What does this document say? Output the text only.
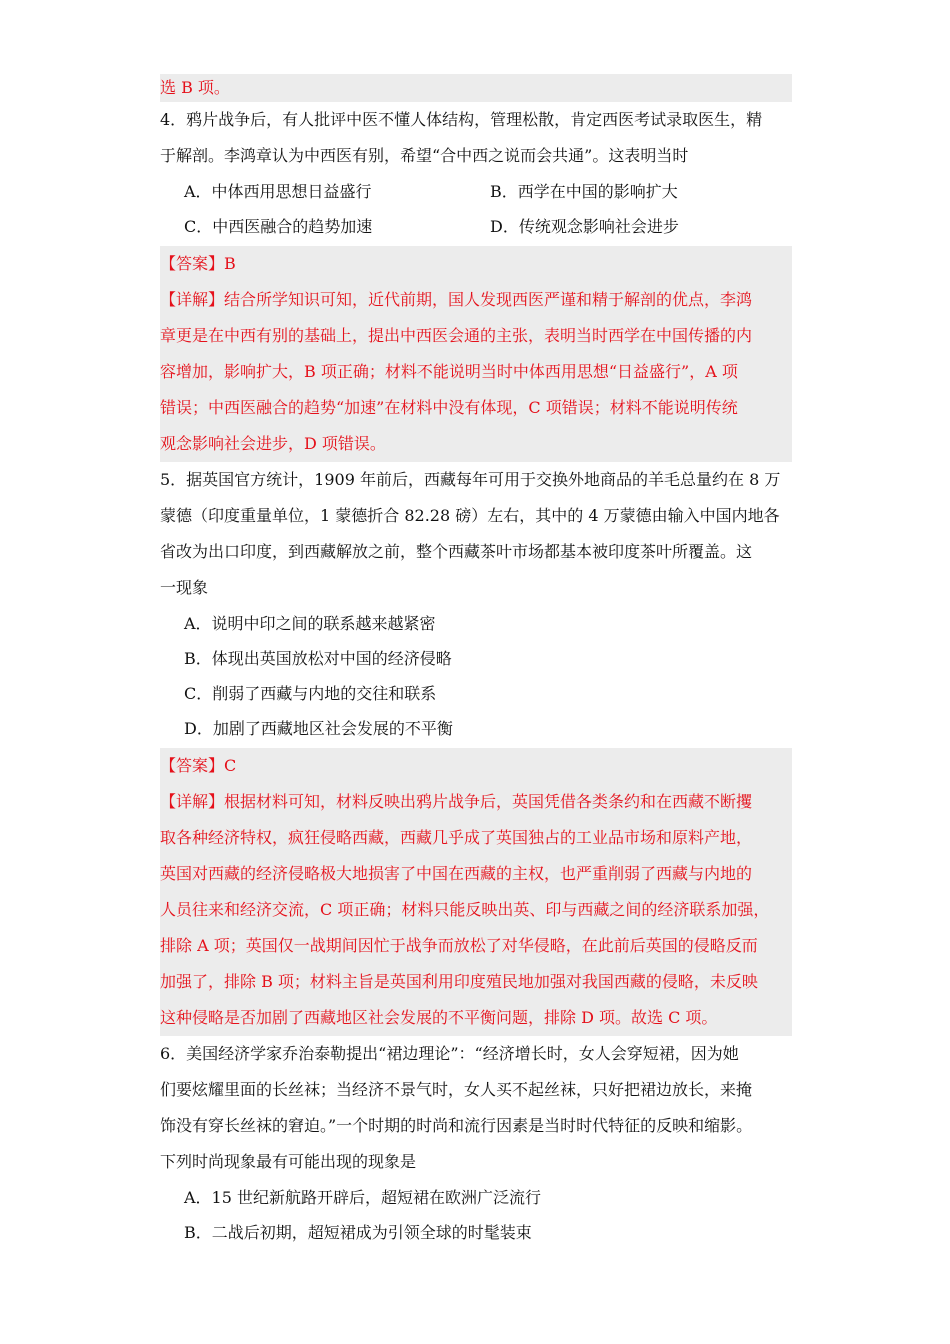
选 B 项。
4．鸦片战争后，有人批评中医不懂人体结构，管理松散，肯定西医考试录取医生，精
于解剖。李鸿章认为中西医有别，希望“合中西之说而会共通”。这表明当时
A．中体西用思想日益盛行	B．西学在中国的影响扩大
C．中西医融合的趋势加速	D．传统观念影响社会进步
【答案】B
【详解】结合所学知识可知，近代前期，国人发现西医严谨和精于解剖的优点，李鸿
章更是在中西有别的基础上，提出中西医会通的主张，表明当时西学在中国传播的内
容增加，影响扩大，B 项正确；材料不能说明当时中体西用思想“日益盛行”，A 项
错误；中西医融合的趋势“加速”在材料中没有体现，C 项错误；材料不能说明传统
观念影响社会进步，D 项错误。
5．据英国官方统计，1909 年前后，西藏每年可用于交换外地商品的羊毛总量约在 8 万
蒙德（印度重量单位，1 蒙德折合 82.28 磅）左右，其中的 4 万蒙德由输入中国内地各
省改为出口印度，到西藏解放之前，整个西藏茶叶市场都基本被印度茶叶所覆盖。这
一现象
A．说明中印之间的联系越来越紧密
B．体现出英国放松对中国的经济侵略
C．削弱了西藏与内地的交往和联系
D．加剧了西藏地区社会发展的不平衡
【答案】C
【详解】根据材料可知，材料反映出鸦片战争后，英国凭借各类条约和在西藏不断攫
取各种经济特权，疯狂侵略西藏，西藏几乎成了英国独占的工业品市场和原料产地，
英国对西藏的经济侵略极大地损害了中国在西藏的主权，也严重削弱了西藏与内地的
人员往来和经济交流，C 项正确；材料只能反映出英、印与西藏之间的经济联系加强，
排除 A 项；英国仅一战期间因忙于战争而放松了对华侵略，在此前后英国的侵略反而
加强了，排除 B 项；材料主旨是英国利用印度殖民地加强对我国西藏的侵略，未反映
这种侵略是否加剧了西藏地区社会发展的不平衡问题，排除 D 项。故选 C 项。
6．美国经济学家乔治泰勒提出“裙边理论”：“经济增长时，女人会穿短裙，因为她
们要炫耀里面的长丝袜；当经济不景气时，女人买不起丝袜，只好把裙边放长，来掩
饰没有穿长丝袜的窘迫。”一个时期的时尚和流行因素是当时时代特征的反映和缩影。
下列时尚现象最有可能出现的现象是
A．15 世纪新航路开辟后，超短裙在欧洲广泛流行
B．二战后初期，超短裙成为引领全球的时髦装束
